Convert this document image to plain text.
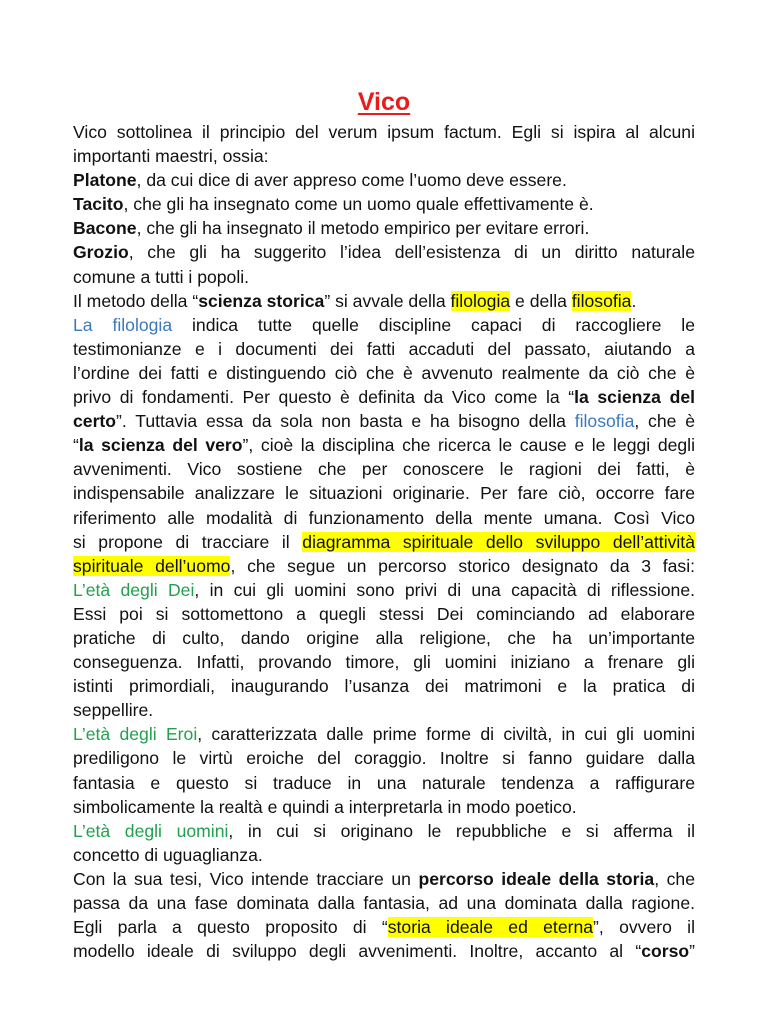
Vico
Vico sottolinea il principio del verum ipsum factum. Egli si ispira al alcuni
importanti maestri, ossia:
Platone, da cui dice di aver appreso come l’uomo deve essere.
Tacito, che gli ha insegnato come un uomo quale effettivamente è.
Bacone, che gli ha insegnato il metodo empirico per evitare errori.
Grozio, che gli ha suggerito l’idea dell’esistenza di un diritto naturale
comune a tutti i popoli.
Il metodo della “scienza storica” si avvale della filologia e della filosofia.
La filologia indica tutte quelle discipline capaci di raccogliere le
testimonianze e i documenti dei fatti accaduti del passato, aiutando a
l’ordine dei fatti e distinguendo ciò che è avvenuto realmente da ciò che è
privo di fondamenti. Per questo è definita da Vico come la “la scienza del
certo”. Tuttavia essa da sola non basta e ha bisogno della filosofia, che è
“la scienza del vero”, cioè la disciplina che ricerca le cause e le leggi degli
avvenimenti. Vico sostiene che per conoscere le ragioni dei fatti, è
indispensabile analizzare le situazioni originarie. Per fare ciò, occorre fare
riferimento alle modalità di funzionamento della mente umana. Così Vico
si propone di tracciare il diagramma spirituale dello sviluppo dell’attività
spirituale dell’uomo, che segue un percorso storico designato da 3 fasi:
L’età degli Dei, in cui gli uomini sono privi di una capacità di riflessione.
Essi poi si sottomettono a quegli stessi Dei cominciando ad elaborare
pratiche di culto, dando origine alla religione, che ha un’importante
conseguenza. Infatti, provando timore, gli uomini iniziano a frenare gli
istinti primordiali, inaugurando l’usanza dei matrimoni e la pratica di
seppellire.
L’età degli Eroi, caratterizzata dalle prime forme di civiltà, in cui gli uomini
prediligono le virtù eroiche del coraggio. Inoltre si fanno guidare dalla
fantasia e questo si traduce in una naturale tendenza a raffigurare
simbolicamente la realtà e quindi a interpretarla in modo poetico.
L’età degli uomini, in cui si originano le repubbliche e si afferma il
concetto di uguaglianza.
Con la sua tesi, Vico intende tracciare un percorso ideale della storia, che
passa da una fase dominata dalla fantasia, ad una dominata dalla ragione.
Egli parla a questo proposito di “storia ideale ed eterna”, ovvero il
modello ideale di sviluppo degli avvenimenti. Inoltre, accanto al “corso”
